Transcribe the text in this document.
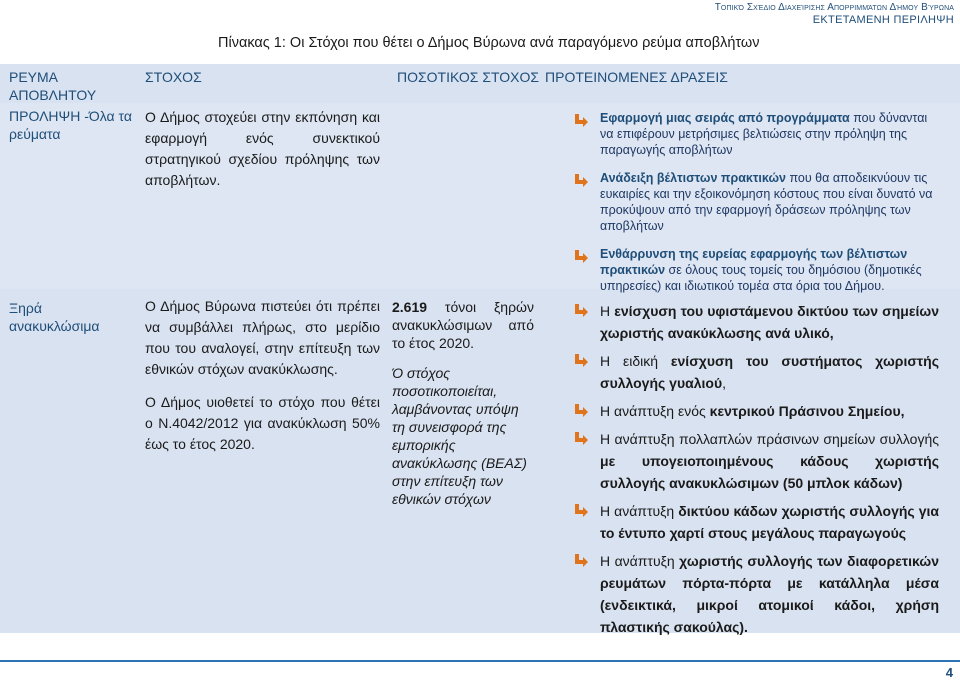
Τοπικό Σχέδιο Διαχείρισης Απορριμμάτων Δήμου Βύρωνα
ΕΚΤΕΤΑΜΕΝΗ ΠΕΡΙΛΗΨΗ
Πίνακας 1: Οι Στόχοι που θέτει ο Δήμος Βύρωνα ανά παραγόμενο ρεύμα αποβλήτων
ΡΕΥΜΑ ΑΠΟΒΛΗΤΟΥ
ΣΤΟΧΟΣ	ΠΟΣΟΤΙΚΟΣ ΣΤΟΧΟΣ ΠΡΟΤΕΙΝΟΜΕΝΕΣ ΔΡΑΣΕΙΣ
ΠΡΟΛΗΨΗ -Όλα τα ρεύματα
Ο Δήμος στοχεύει στην εκπόνηση και εφαρμογή ενός συνεκτικού στρατηγικού σχεδίου πρόληψης των αποβλήτων.
Εφαρμογή μιας σειράς από προγράμματα που δύνανται να επιφέρουν μετρήσιμες βελτιώσεις στην πρόληψη της παραγωγής αποβλήτων
Ανάδειξη βέλτιστων πρακτικών που θα αποδεικνύουν τις ευκαιρίες και την εξοικονόμηση κόστους που είναι δυνατό να προκύψουν από την εφαρμογή δράσεων πρόληψης των αποβλήτων
Ενθάρρυνση της ευρείας εφαρμογής των βέλτιστων πρακτικών σε όλους τους τομείς του δημόσιου (δημοτικές υπηρεσίες) και ιδιωτικού τομέα στα όρια του Δήμου.
Ξηρά ανακυκλώσιμα
Ο Δήμος Βύρωνα πιστεύει ότι πρέπει να συμβάλλει πλήρως, στο μερίδιο που του αναλογεί, στην επίτευξη των εθνικών στόχων ανακύκλωσης.
Ο Δήμος υιοθετεί το στόχο που θέτει ο Ν.4042/2012 για ανακύκλωση 50% έως το έτος 2020.
2.619 τόνοι ξηρών ανακυκλώσιμων από το έτος 2020.
Ό στόχος ποσοτικοποιείται, λαμβάνοντας υπόψη τη συνεισφορά της εμπορικής ανακύκλωσης (ΒΕΑΣ) στην επίτευξη των εθνικών στόχων
Η ενίσχυση του υφιστάμενου δικτύου των σημείων χωριστής ανακύκλωσης ανά υλικό,
Η ειδική ενίσχυση του συστήματος χωριστής συλλογής γυαλιού,
Η ανάπτυξη ενός κεντρικού Πράσινου Σημείου,
Η ανάπτυξη πολλαπλών πράσινων σημείων συλλογής με υπογειοποιημένους κάδους χωριστής συλλογής ανακυκλώσιμων (50 μπλοκ κάδων)
Η ανάπτυξη δικτύου κάδων χωριστής συλλογής για το έντυπο χαρτί στους μεγάλους παραγωγούς
Η ανάπτυξη χωριστής συλλογής των διαφορετικών ρευμάτων πόρτα-πόρτα με κατάλληλα μέσα (ενδεικτικά, μικροί ατομικοί κάδοι, χρήση πλαστικής σακούλας).
4
